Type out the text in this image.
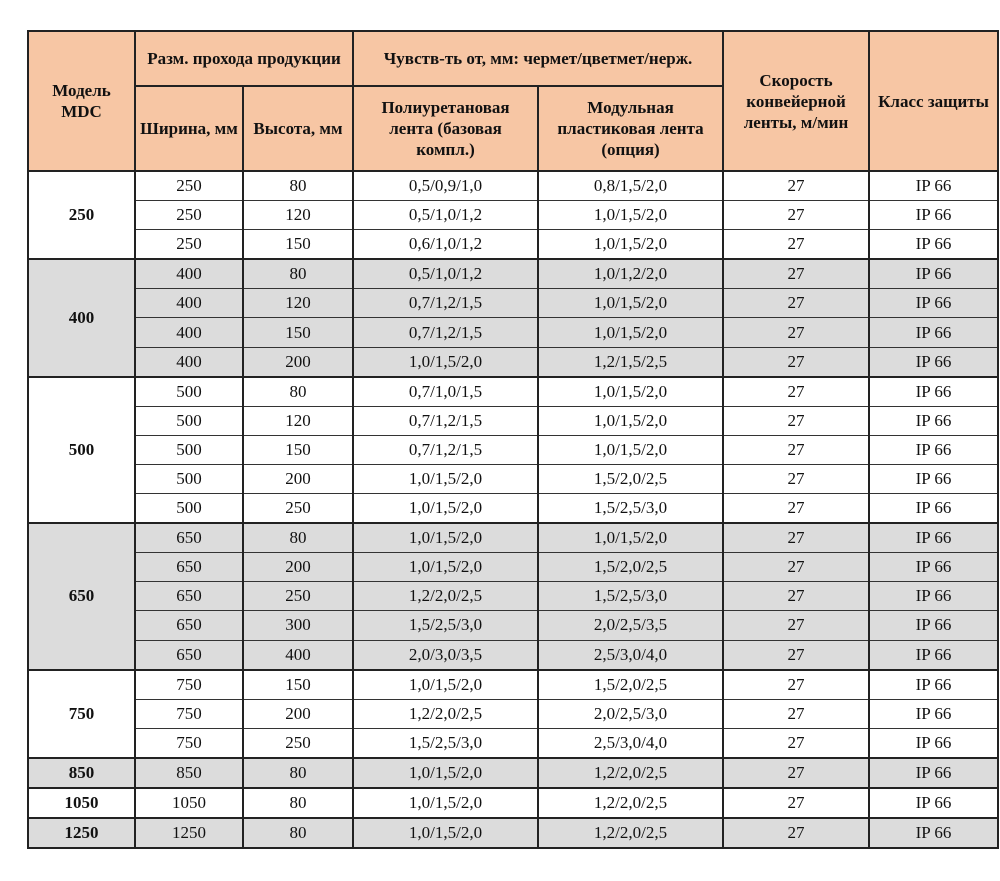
Модель MDC	Разм. прохода продукции		Чувств-ть от, мм: чермет/цветмет/нерж.		Скорость конвейерной ленты, м/мин	Класс защиты
	Ширина, мм	Высота, мм	Полиуретановая лента (базовая компл.)	Модульная пластиковая лента (опция)		
250	250	80	0,5/0,9/1,0	0,8/1,5/2,0	27	IP 66
	250	120	0,5/1,0/1,2	1,0/1,5/2,0	27	IP 66
	250	150	0,6/1,0/1,2	1,0/1,5/2,0	27	IP 66
400	400	80	0,5/1,0/1,2	1,0/1,2/2,0	27	IP 66
	400	120	0,7/1,2/1,5	1,0/1,5/2,0	27	IP 66
	400	150	0,7/1,2/1,5	1,0/1,5/2,0	27	IP 66
	400	200	1,0/1,5/2,0	1,2/1,5/2,5	27	IP 66
500	500	80	0,7/1,0/1,5	1,0/1,5/2,0	27	IP 66
	500	120	0,7/1,2/1,5	1,0/1,5/2,0	27	IP 66
	500	150	0,7/1,2/1,5	1,0/1,5/2,0	27	IP 66
	500	200	1,0/1,5/2,0	1,5/2,0/2,5	27	IP 66
	500	250	1,0/1,5/2,0	1,5/2,5/3,0	27	IP 66
650	650	80	1,0/1,5/2,0	1,0/1,5/2,0	27	IP 66
	650	200	1,0/1,5/2,0	1,5/2,0/2,5	27	IP 66
	650	250	1,2/2,0/2,5	1,5/2,5/3,0	27	IP 66
	650	300	1,5/2,5/3,0	2,0/2,5/3,5	27	IP 66
	650	400	2,0/3,0/3,5	2,5/3,0/4,0	27	IP 66
750	750	150	1,0/1,5/2,0	1,5/2,0/2,5	27	IP 66
	750	200	1,2/2,0/2,5	2,0/2,5/3,0	27	IP 66
	750	250	1,5/2,5/3,0	2,5/3,0/4,0	27	IP 66
850	850	80	1,0/1,5/2,0	1,2/2,0/2,5	27	IP 66
1050	1050	80	1,0/1,5/2,0	1,2/2,0/2,5	27	IP 66
1250	1250	80	1,0/1,5/2,0	1,2/2,0/2,5	27	IP 66
